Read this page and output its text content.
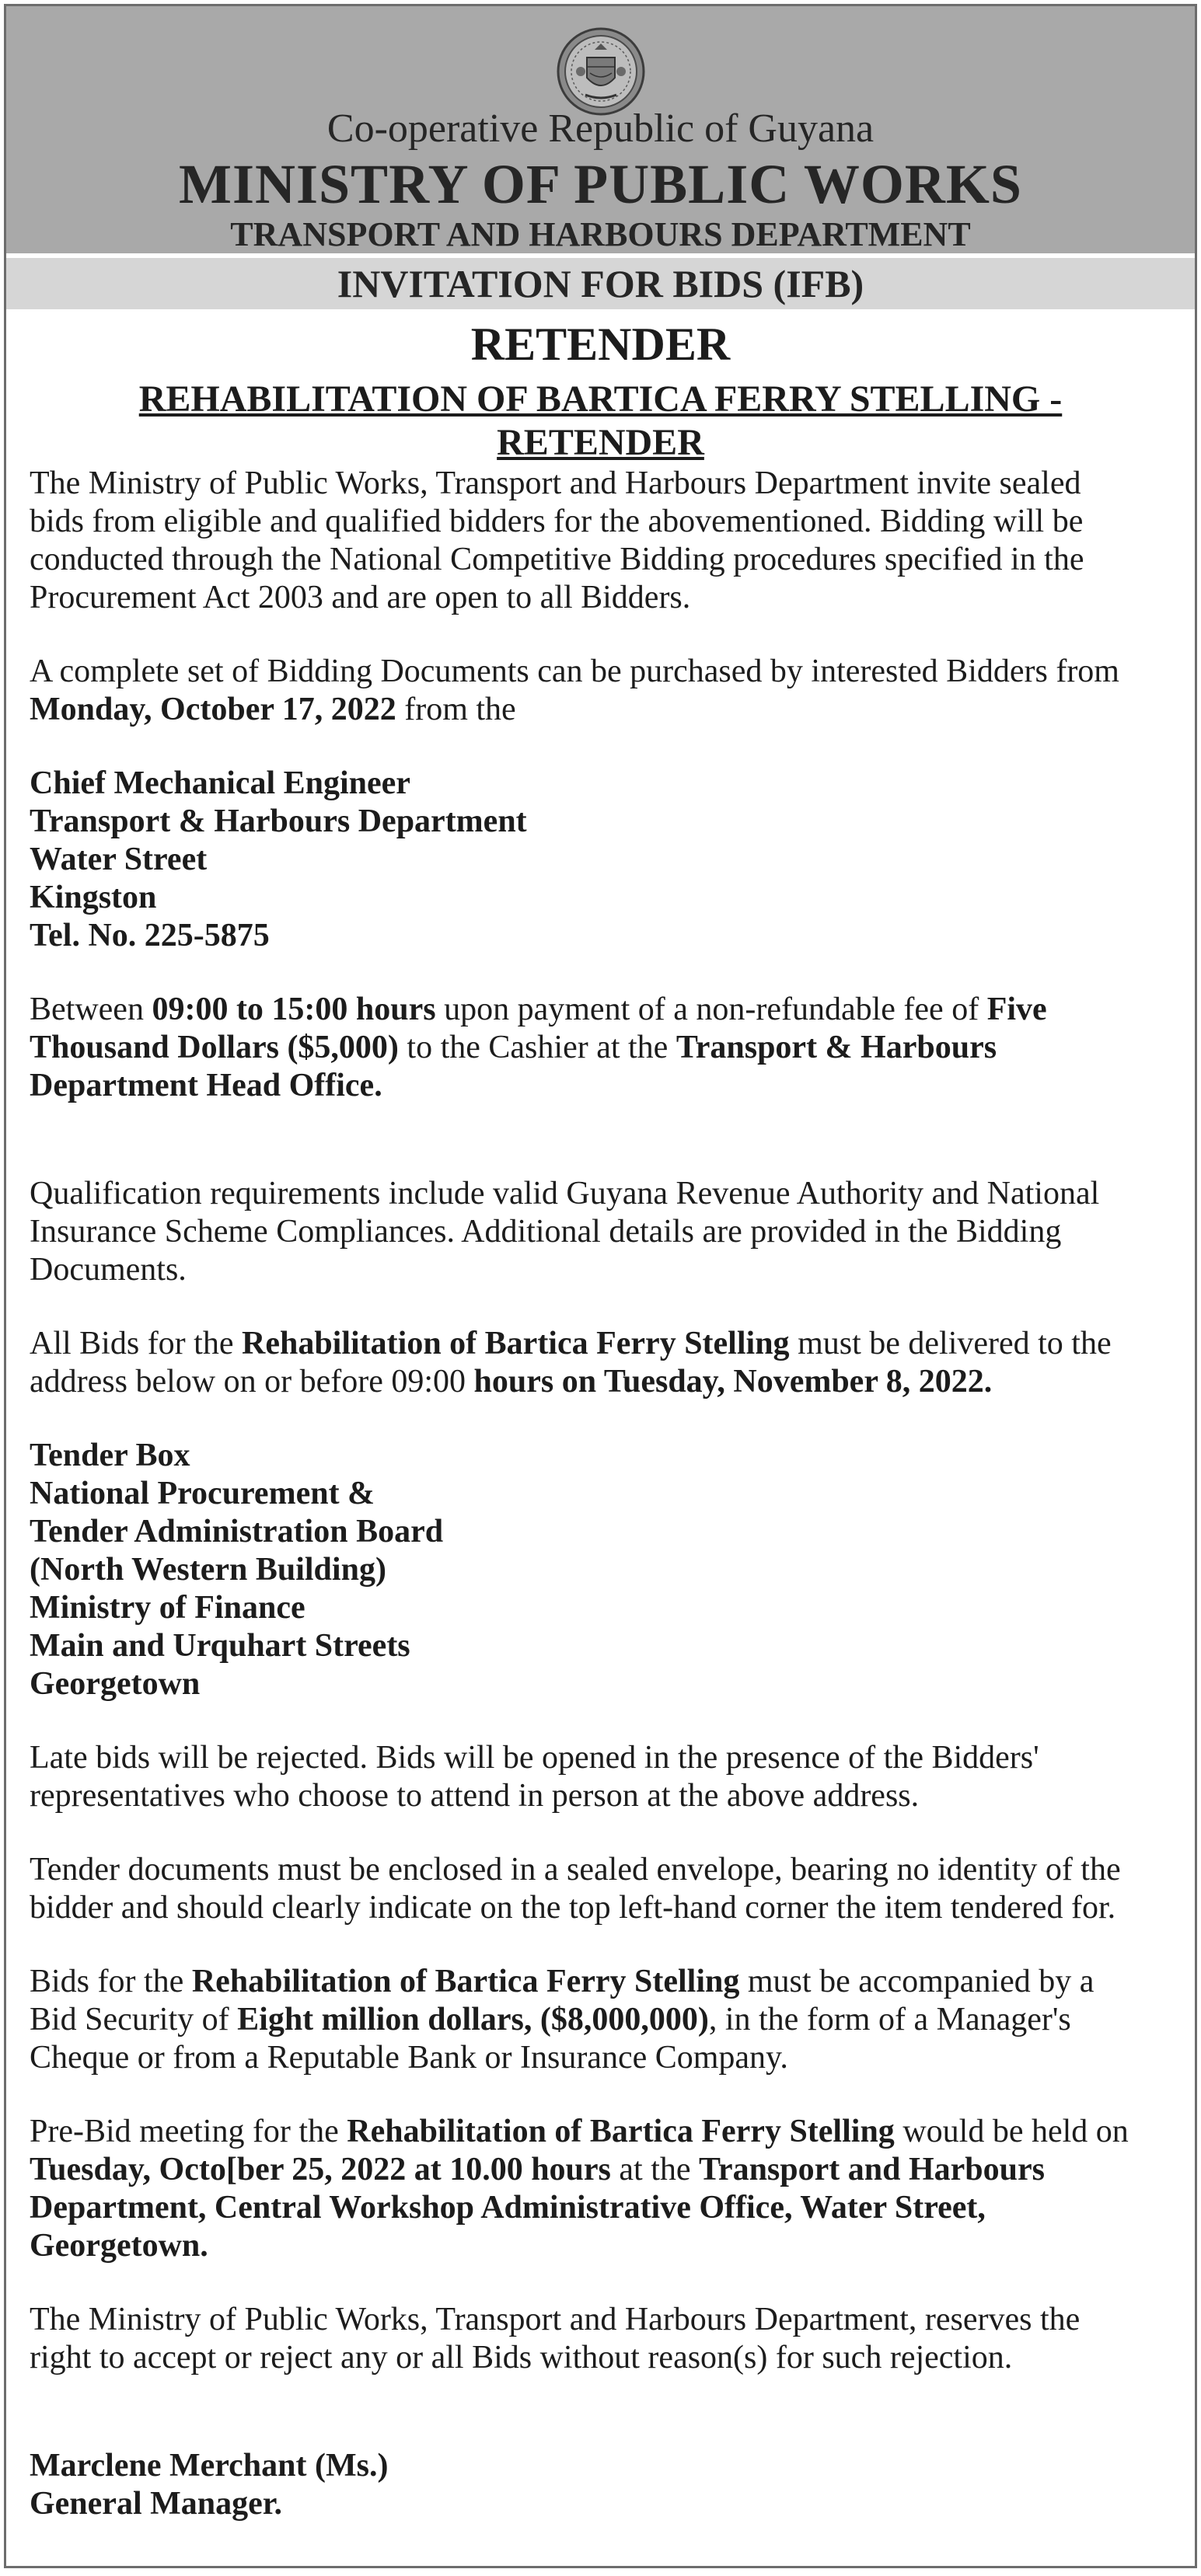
Co-operative Republic of Guyana
MINISTRY OF PUBLIC WORKS
TRANSPORT AND HARBOURS DEPARTMENT
INVITATION FOR BIDS (IFB)
RETENDER
REHABILITATION OF BARTICA FERRY STELLING -
RETENDER

The Ministry of Public Works, Transport and Harbours Department invite sealed

bids from eligible and qualified bidders for the abovementioned. Bidding will be

conducted through the National Competitive Bidding procedures specified in the

Procurement Act 2003 and are open to all Bidders.

A complete set of Bidding Documents can be purchased by interested Bidders from

Monday, October 17, 2022 from the

Chief Mechanical Engineer

Transport & Harbours Department

Water Street

Kingston

Tel. No. 225-5875

Between 09:00 to 15:00 hours upon payment of a non-refundable fee of Five

Thousand Dollars ($5,000) to the Cashier at the Transport & Harbours

Department Head Office.

Qualification requirements include valid Guyana Revenue Authority and National

Insurance Scheme Compliances. Additional details are provided in the Bidding

Documents.

All Bids for the Rehabilitation of Bartica Ferry Stelling must be delivered to the

address below on or before 09:00 hours on Tuesday, November 8, 2022.

Tender Box

National Procurement &

Tender Administration Board

(North Western Building)

Ministry of Finance

Main and Urquhart Streets

Georgetown

Late bids will be rejected. Bids will be opened in the presence of the Bidders'

representatives who choose to attend in person at the above address.

Tender documents must be enclosed in a sealed envelope, bearing no identity of the

bidder and should clearly indicate on the top left-hand corner the item tendered for.

Bids for the Rehabilitation of Bartica Ferry Stelling must be accompanied by a

Bid Security of Eight million dollars, ($8,000,000), in the form of a Manager's

Cheque or from a Reputable Bank or Insurance Company.

Pre-Bid meeting for the Rehabilitation of Bartica Ferry Stelling would be held on

Tuesday, Octo[ber 25, 2022 at 10.00 hours at the Transport and Harbours

Department, Central Workshop Administrative Office, Water Street,

Georgetown.

The Ministry of Public Works, Transport and Harbours Department, reserves the

right to accept or reject any or all Bids without reason(s) for such rejection.

Marclene Merchant (Ms.)

General Manager.
